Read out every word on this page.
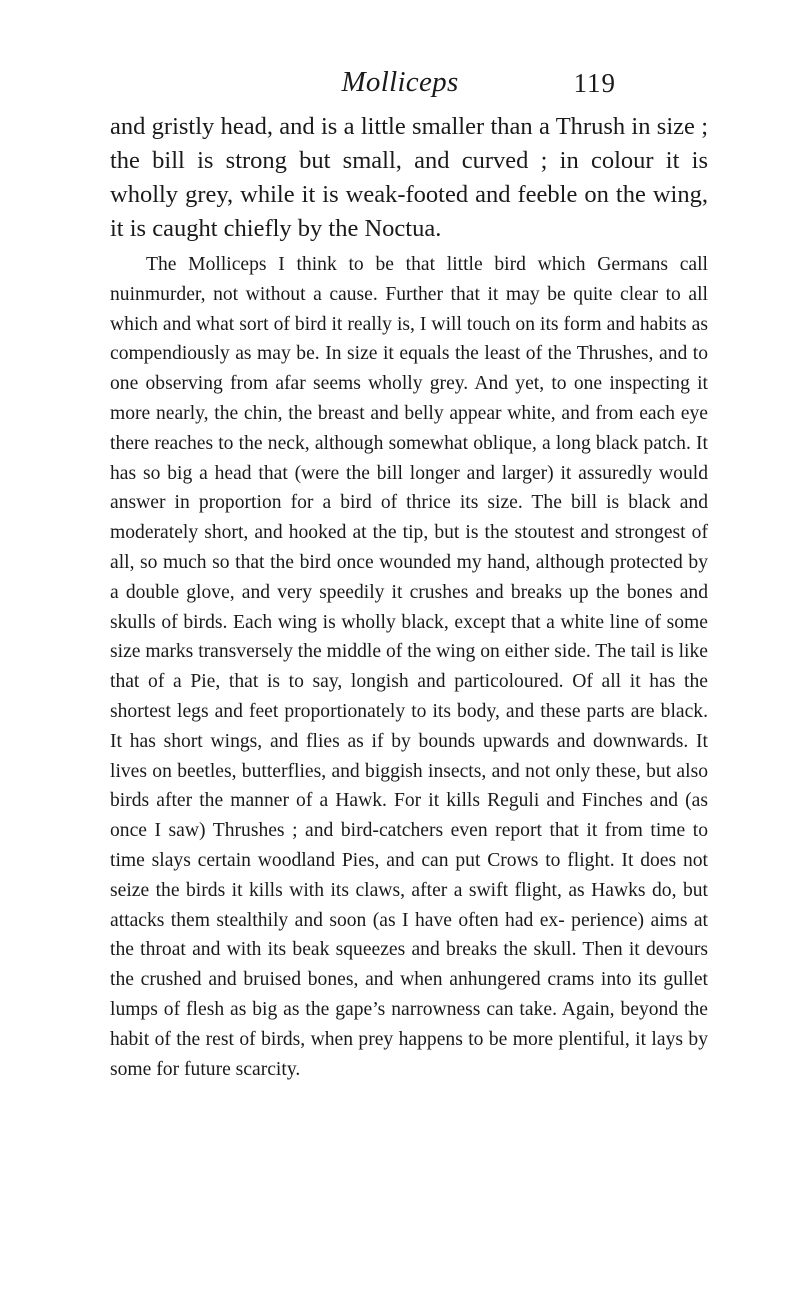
Molliceps	119

and gristly head, and is a little smaller than a Thrush in size ; the bill is strong but small, and curved ; in colour it is wholly grey, while it is weak-footed and feeble on the wing, it is caught chiefly by the Noctua.

The Molliceps I think to be that little bird which Germans call nuinmurder, not without a cause. Further that it may be quite clear to all which and what sort of bird it really is, I will touch on its form and habits as compendiously as may be. In size it equals the least of the Thrushes, and to one observing from afar seems wholly grey. And yet, to one inspecting it more nearly, the chin, the breast and belly appear white, and from each eye there reaches to the neck, although somewhat oblique, a long black patch. It has so big a head that (were the bill longer and larger) it assuredly would answer in proportion for a bird of thrice its size. The bill is black and moderately short, and hooked at the tip, but is the stoutest and strongest of all, so much so that the bird once wounded my hand, although protected by a double glove, and very speedily it crushes and breaks up the bones and skulls of birds. Each wing is wholly black, except that a white line of some size marks transversely the middle of the wing on either side. The tail is like that of a Pie, that is to say, longish and particoloured. Of all it has the shortest legs and feet proportionately to its body, and these parts are black. It has short wings, and flies as if by bounds upwards and downwards. It lives on beetles, butterflies, and biggish insects, and not only these, but also birds after the manner of a Hawk. For it kills Reguli and Finches and (as once I saw) Thrushes ; and bird-catchers even report that it from time to time slays certain woodland Pies, and can put Crows to flight. It does not seize the birds it kills with its claws, after a swift flight, as Hawks do, but attacks them stealthily and soon (as I have often had ex- perience) aims at the throat and with its beak squeezes and breaks the skull. Then it devours the crushed and bruised bones, and when anhungered crams into its gullet lumps of flesh as big as the gape’s narrowness can take. Again, beyond the habit of the rest of birds, when prey happens to be more plentiful, it lays by some for future scarcity.
